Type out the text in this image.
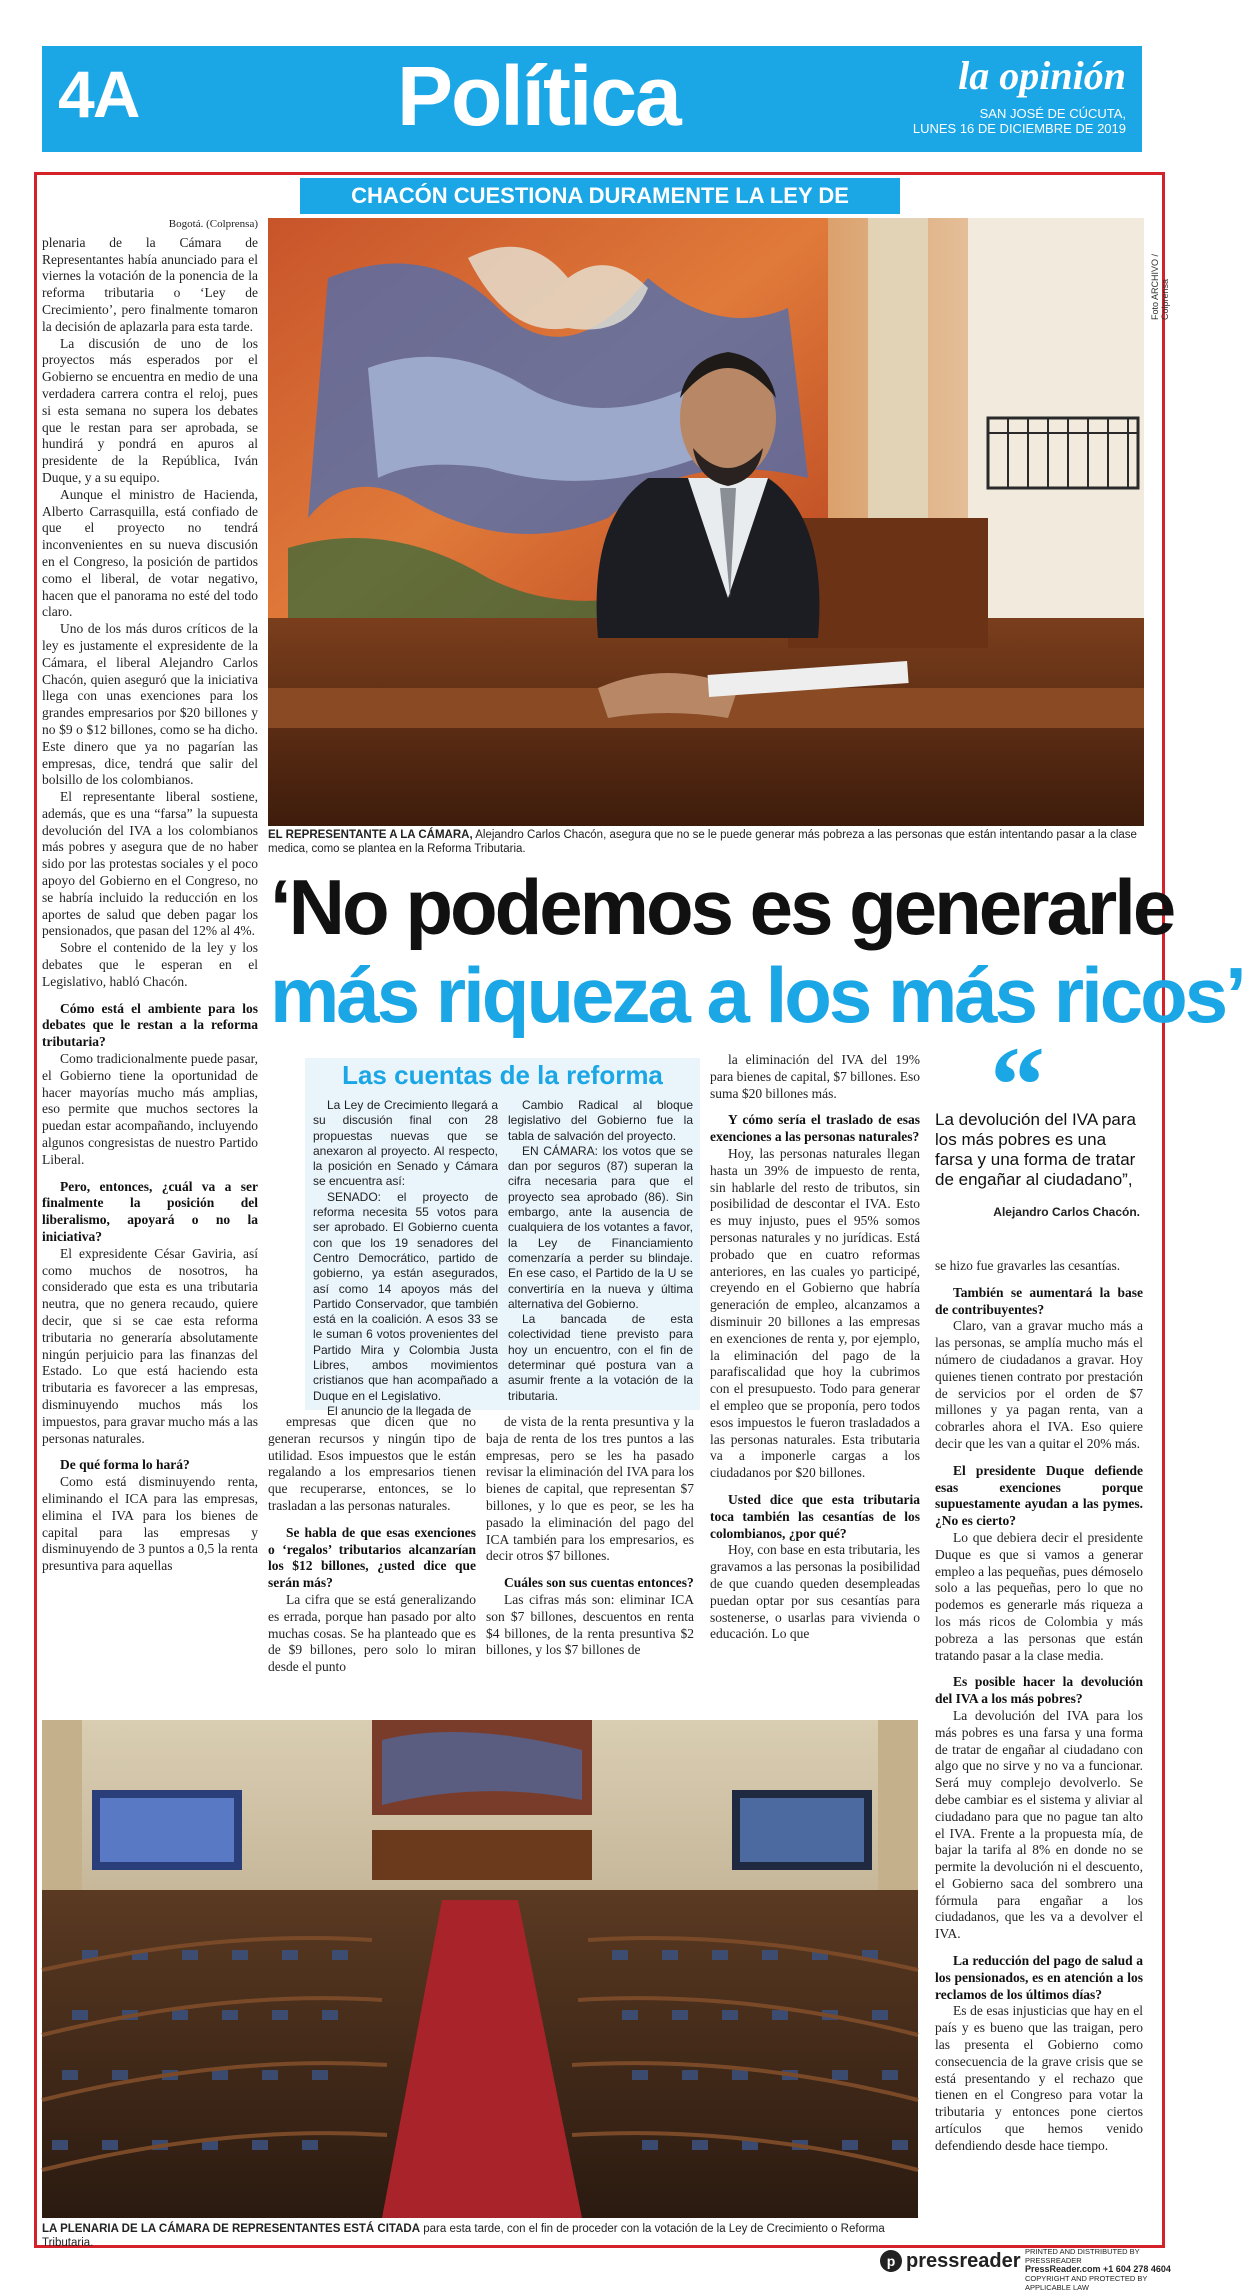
4A	Política	la opinión
SAN JOSÉ DE CÚCUTA,
LUNES 16 DE DICIEMBRE DE 2019
CHACÓN CUESTIONA DURAMENTE LA LEY DE
Bogotá. (Colprensa)

plenaria de la Cámara de Representantes había anunciado para el viernes la votación de la ponencia de la reforma tributaria o ‘Ley de Crecimiento’, pero finalmente tomaron la decisión de aplazarla para esta tarde.

La discusión de uno de los proyectos más esperados por el Gobierno se encuentra en medio de una verdadera carrera contra el reloj, pues si esta semana no supera los debates que le restan para ser aprobada, se hundirá y pondrá en apuros al presidente de la República, Iván Duque, y a su equipo.

Aunque el ministro de Hacienda, Alberto Carrasquilla, está confiado de que el proyecto no tendrá inconvenientes en su nueva discusión en el Congreso, la posición de partidos como el liberal, de votar negativo, hacen que el panorama no esté del todo claro.

Uno de los más duros críticos de la ley es justamente el expresidente de la Cámara, el liberal Alejandro Carlos Chacón, quien aseguró que la iniciativa llega con unas exenciones para los grandes empresarios por $20 billones y no $9 o $12 billones, como se ha dicho. Este dinero que ya no pagarían las empresas, dice, tendrá que salir del bolsillo de los colombianos.

El representante liberal sostiene, además, que es una “farsa” la supuesta devolución del IVA a los colombianos más pobres y asegura que de no haber sido por las protestas sociales y el poco apoyo del Gobierno en el Congreso, no se habría incluido la reducción en los aportes de salud que deben pagar los pensionados, que pasan del 12% al 4%.

Sobre el contenido de la ley y los debates que le esperan en el Legislativo, habló Chacón.

Cómo está el ambiente para los debates que le restan a la reforma tributaria?

Como tradicionalmente puede pasar, el Gobierno tiene la oportunidad de hacer mayorías mucho más amplias, eso permite que muchos sectores la puedan estar acompañando, incluyendo algunos congresistas de nuestro Partido Liberal.

Pero, entonces, ¿cuál va a ser finalmente la posición del liberalismo, apoyará o no la iniciativa?

El expresidente César Gaviria, así como muchos de nosotros, ha considerado que esta es una tributaria neutra, que no genera recaudo, quiere decir, que si se cae esta reforma tributaria no generaría absolutamente ningún perjuicio para las finanzas del Estado. Lo que está haciendo esta tributaria es favorecer a las empresas, disminuyendo muchos más los impuestos, para gravar mucho más a las personas naturales.

De qué forma lo hará?

Como está disminuyendo renta, eliminando el ICA para las empresas, elimina el IVA para los bienes de capital para las empresas y disminuyendo de 3 puntos a 0,5 la renta presuntiva para aquellas

Foto ARCHIVO / Colprensa
EL REPRESENTANTE A LA CÁMARA, Alejandro Carlos Chacón, asegura que no se le puede generar más pobreza a las personas que están intentando pasar a la clase medica, como se plantea en la Reforma Tributaria.
‘No podemos es generarle
más riqueza a los más ricos’

La Ley de Crecimiento llegará a su discusión final con 28 propuestas nuevas que se anexaron al proyecto. Al respecto, la posición en Senado y Cámara se encuentra así:

SENADO: el proyecto de reforma necesita 55 votos para ser aprobado. El Gobierno cuenta con que los 19 senadores del Centro Democrático, partido de gobierno, ya están asegurados, así como 14 apoyos más del Partido Conservador, que también está en la coalición. A esos 33 se le suman 6 votos provenientes del Partido Mira y Colombia Justa Libres, ambos movimientos cristianos que han acompañado a Duque en el Legislativo.

El anuncio de la llegada de

Cambio Radical al bloque legislativo del Gobierno fue la tabla de salvación del proyecto.

EN CÁMARA: los votos que se dan por seguros (87) superan la cifra necesaria para que el proyecto sea aprobado (86). Sin embargo, ante la ausencia de cualquiera de los votantes a favor, la Ley de Financiamiento comenzaría a perder su blindaje. En ese caso, el Partido de la U se convertiría en la nueva y última alternativa del Gobierno.

La bancada de esta colectividad tiene previsto para hoy un encuentro, con el fin de determinar qué postura van a asumir frente a la votación de la tributaria.

Las cuentas de la reforma

empresas que dicen que no generan recursos y ningún tipo de utilidad. Esos impuestos que le están regalando a los empresarios tienen que recuperarse, entonces, se lo trasladan a las personas naturales.

Se habla de que esas exenciones o ‘regalos’ tributarios alcanzarían los $12 billones, ¿usted dice que serán más?

La cifra que se está generalizando es errada, porque han pasado por alto muchas cosas. Se ha planteado que es de $9 billones, pero solo lo miran desde el punto

de vista de la renta presuntiva y la baja de renta de los tres puntos a las empresas, pero se les ha pasado revisar la eliminación del IVA para los bienes de capital, que representan $7 billones, y lo que es peor, se les ha pasado la eliminación del pago del ICA también para los empresarios, es decir otros $7 billones.

Cuáles son sus cuentas entonces?

Las cifras más son: eliminar ICA son $7 billones, descuentos en renta $4 billones, de la renta presuntiva $2 billones, y los $7 billones de

la eliminación del IVA del 19% para bienes de capital, $7 billones. Eso suma $20 billones más.

Y cómo sería el traslado de esas exenciones a las personas naturales?

Hoy, las personas naturales llegan hasta un 39% de impuesto de renta, sin hablarle del resto de tributos, sin posibilidad de descontar el IVA. Esto es muy injusto, pues el 95% somos personas naturales y no jurídicas. Está probado que en cuatro reformas anteriores, en las cuales yo participé, creyendo en el Gobierno que habría generación de empleo, alcanzamos a disminuir 20 billones a las empresas en exenciones de renta y, por ejemplo, la eliminación del pago de la parafiscalidad que hoy la cubrimos con el presupuesto. Todo para generar el empleo que se proponía, pero todos esos impuestos le fueron trasladados a las personas naturales. Esta tributaria va a imponerle cargas a los ciudadanos por $20 billones.

Usted dice que esta tributaria toca también las cesantías de los colombianos, ¿por qué?

Hoy, con base en esta tributaria, les gravamos a las personas la posibilidad de que cuando queden desempleadas puedan optar por sus cesantías para sostenerse, o usarlas para vivienda o educación. Lo que

“
La devolución del IVA para los más pobres es una farsa y una forma de tratar de engañar al ciudadano”,
Alejandro Carlos Chacón.

se hizo fue gravarles las cesantías.

También se aumentará la base de contribuyentes?

Claro, van a gravar mucho más a las personas, se amplía mucho más el número de ciudadanos a gravar. Hoy quienes tienen contrato por prestación de servicios por el orden de $7 millones y ya pagan renta, van a cobrarles ahora el IVA. Eso quiere decir que les van a quitar el 20% más.

El presidente Duque defiende esas exenciones porque supuestamente ayudan a las pymes. ¿No es cierto?

Lo que debiera decir el presidente Duque es que si vamos a generar empleo a las pequeñas, pues démoselo solo a las pequeñas, pero lo que no podemos es generarle más riqueza a los más ricos de Colombia y más pobreza a las personas que están tratando pasar a la clase media.

Es posible hacer la devolución del IVA a los más pobres?

La devolución del IVA para los más pobres es una farsa y una forma de tratar de engañar al ciudadano con algo que no sirve y no va a funcionar. Será muy complejo devolverlo. Se debe cambiar es el sistema y aliviar al ciudadano para que no pague tan alto el IVA. Frente a la propuesta mía, de bajar la tarifa al 8% en donde no se permite la devolución ni el descuento, el Gobierno saca del sombrero una fórmula para engañar a los ciudadanos, que les va a devolver el IVA.

La reducción del pago de salud a los pensionados, es en atención a los reclamos de los últimos días?

Es de esas injusticias que hay en el país y es bueno que las traigan, pero las presenta el Gobierno como consecuencia de la grave crisis que se está presentando y el rechazo que tienen en el Congreso para votar la tributaria y entonces pone ciertos artículos que hemos venido defendiendo desde hace tiempo.

LA PLENARIA DE LA CÁMARA DE REPRESENTANTES ESTÁ CITADA para esta tarde, con el fin de proceder con la votación de la Ley de Crecimiento o Reforma Tributaria.
p pressreader PRINTED AND DISTRIBUTED BY PRESSREADER
PressReader.com +1 604 278 4604
COPYRIGHT AND PROTECTED BY APPLICABLE LAW
